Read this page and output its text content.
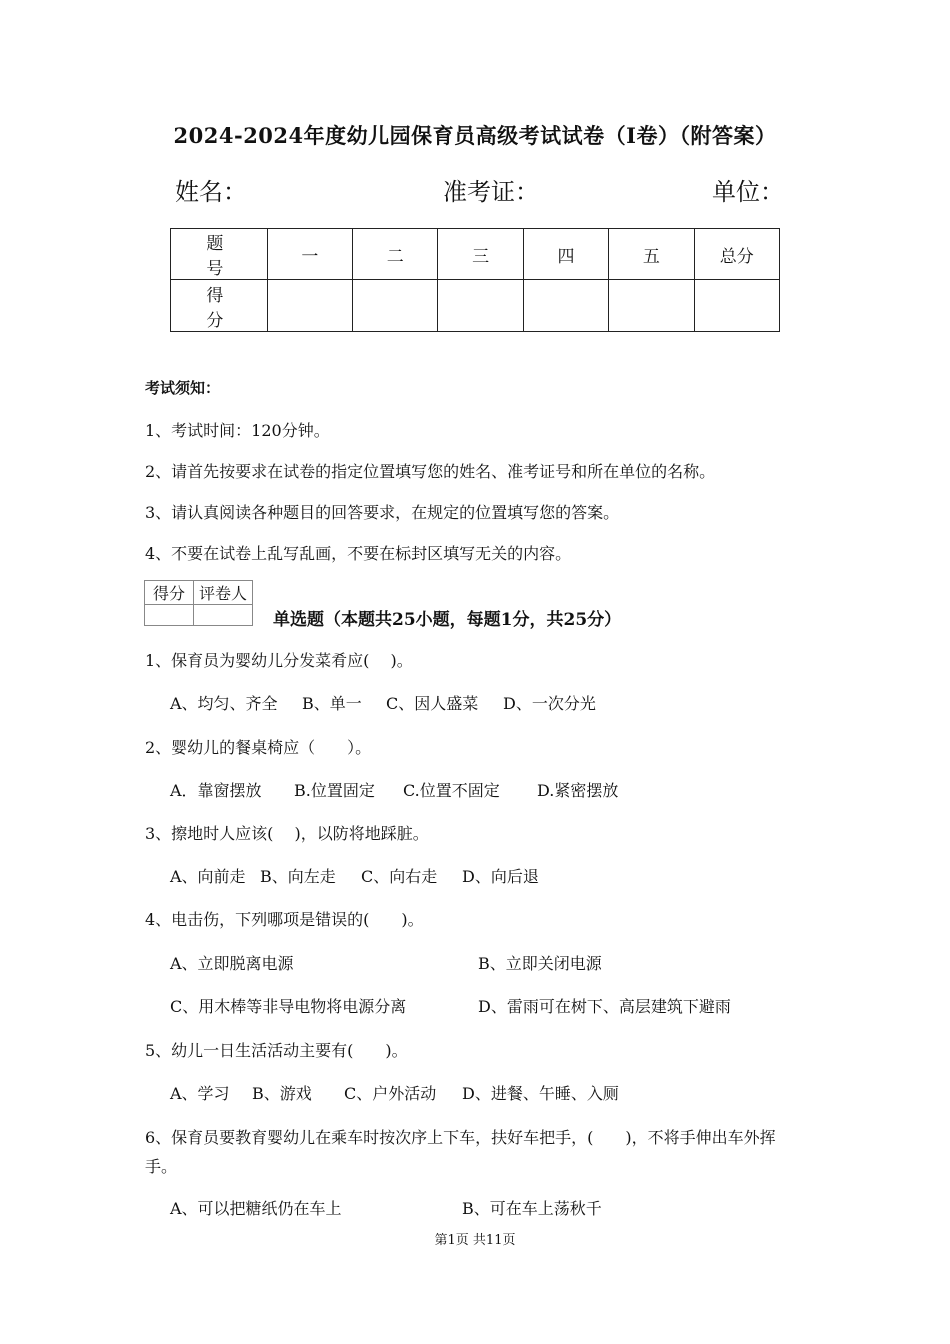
2024-2024年度幼儿园保育员高级考试试卷（I卷）（附答案）
姓名：	准考证：	单位：
题　号	一	二	三	四	五	总分
得　分						
考试须知：
1、考试时间：120分钟。
2、请首先按要求在试卷的指定位置填写您的姓名、准考证号和所在单位的名称。
3、请认真阅读各种题目的回答要求，在规定的位置填写您的答案。
4、不要在试卷上乱写乱画，不要在标封区填写无关的内容。
得分	评卷人

单选题（本题共25小题，每题1分，共25分）
1、保育员为婴幼儿分发菜肴应(　 )。
A、均匀、齐全 B、单一 C、因人盛菜 D、一次分光
2、婴幼儿的餐桌椅应（　　）。
A．靠窗摆放 B.位置固定 C.位置不固定 D.紧密摆放
3、擦地时人应该(　 )，以防将地踩脏。
A、向前走 B、向左走 C、向右走 D、向后退
4、电击伤，下列哪项是错误的(　　)。
A、立即脱离电源	B、立即关闭电源
C、用木棒等非导电物将电源分离	D、雷雨可在树下、高层建筑下避雨
5、幼儿一日生活活动主要有(　　)。
A、学习 B、游戏 C、户外活动 D、进餐、午睡、入厕
6、保育员要教育婴幼儿在乘车时按次序上下车，扶好车把手，(　　)，不将手伸出车外挥
手。
A、可以把糖纸仍在车上	B、可在车上荡秋千
第1页 共11页
